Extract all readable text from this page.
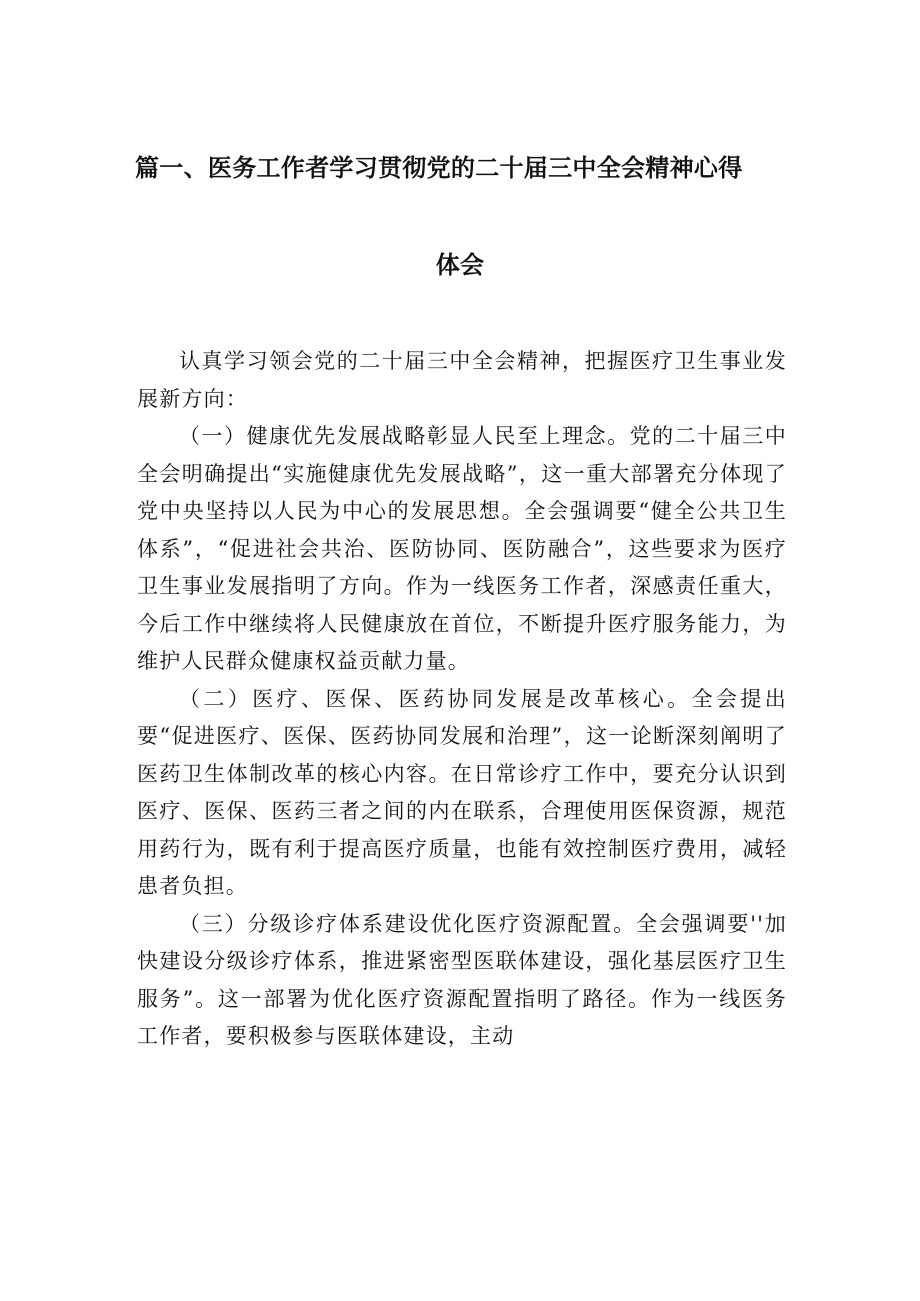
篇一、医务工作者学习贯彻党的二十届三中全会精神心得
体会

认真学习领会党的二十届三中全会精神，把握医疗卫生事业发展新方向：

（一）健康优先发展战略彰显人民至上理念。党的二十届三中全会明确提出“实施健康优先发展战略”，这一重大部署充分体现了党中央坚持以人民为中心的发展思想。全会强调要“健全公共卫生体系”，“促进社会共治、医防协同、医防融合”，这些要求为医疗卫生事业发展指明了方向。作为一线医务工作者，深感责任重大，今后工作中继续将人民健康放在首位，不断提升医疗服务能力，为维护人民群众健康权益贡献力量。

（二）医疗、医保、医药协同发展是改革核心。全会提出要“促进医疗、医保、医药协同发展和治理”，这一论断深刻阐明了医药卫生体制改革的核心内容。在日常诊疗工作中，要充分认识到医疗、医保、医药三者之间的内在联系，合理使用医保资源，规范用药行为，既有利于提高医疗质量，也能有效控制医疗费用，减轻患者负担。

（三）分级诊疗体系建设优化医疗资源配置。全会强调要''加快建设分级诊疗体系，推进紧密型医联体建设，强化基层医疗卫生服务”。这一部署为优化医疗资源配置指明了路径。作为一线医务工作者，要积极参与医联体建设，主动
